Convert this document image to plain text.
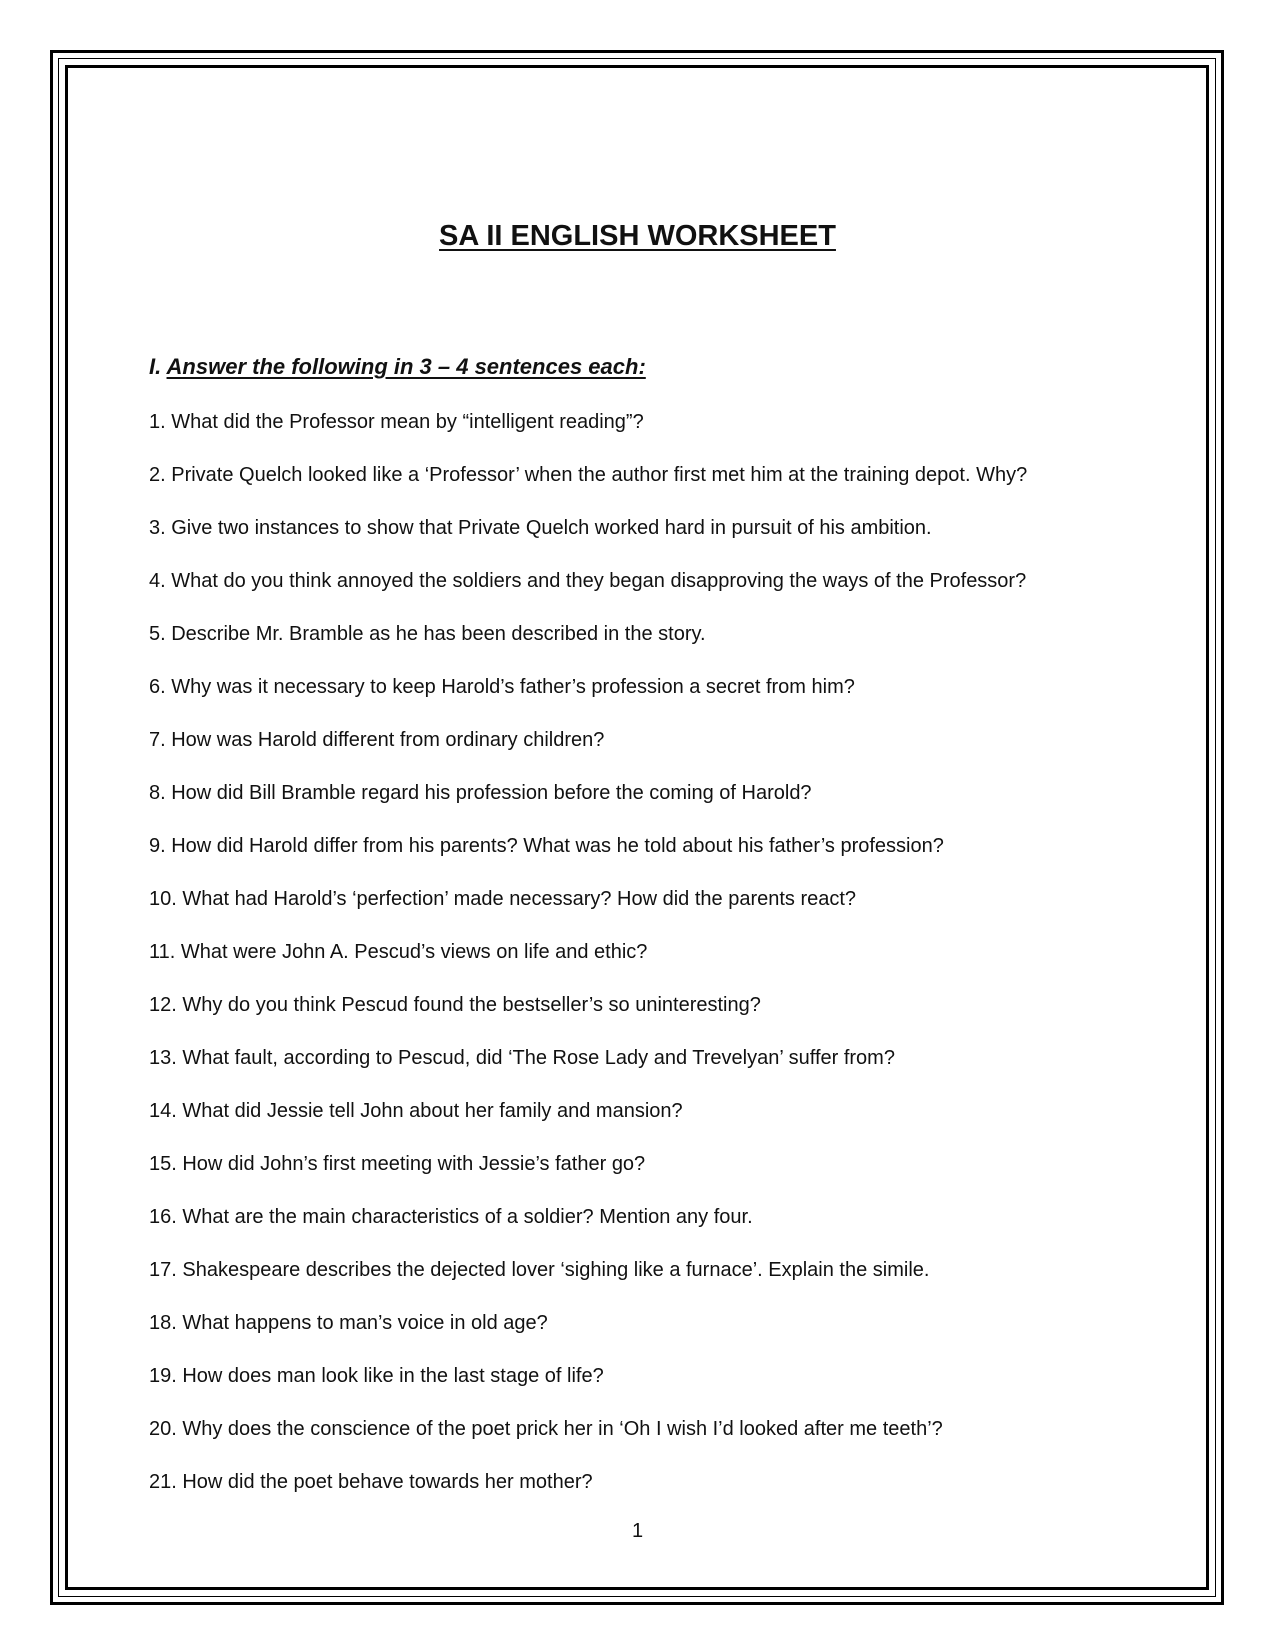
SA II ENGLISH WORKSHEET
I. Answer the following in 3 – 4 sentences each:
1. What did the Professor mean by “intelligent reading”?
2. Private Quelch looked like a ‘Professor’ when the author first met him at the training depot. Why?
3. Give two instances to show that Private Quelch worked hard in pursuit of his ambition.
4. What do you think annoyed the soldiers and they began disapproving the ways of the Professor?
5. Describe Mr. Bramble as he has been described in the story.
6. Why was it necessary to keep Harold’s father’s profession a secret from him?
7. How was Harold different from ordinary children?
8. How did Bill Bramble regard his profession before the coming of Harold?
9. How did Harold differ from his parents? What was he told about his father’s profession?
10. What had Harold’s ‘perfection’ made necessary? How did the parents react?
11. What were John A. Pescud’s views on life and ethic?
12. Why do you think Pescud found the bestseller’s so uninteresting?
13. What fault, according to Pescud, did ‘The Rose Lady and Trevelyan’ suffer from?
14. What did Jessie tell John about her family and mansion?
15. How did John’s first meeting with Jessie’s father go?
16. What are the main characteristics of a soldier? Mention any four.
17. Shakespeare describes the dejected lover ‘sighing like a furnace’. Explain the simile.
18. What happens to man’s voice in old age?
19. How does man look like in the last stage of life?
20. Why does the conscience of the poet prick her in ‘Oh I wish I’d looked after me teeth’?
21. How did the poet behave towards her mother?
1
